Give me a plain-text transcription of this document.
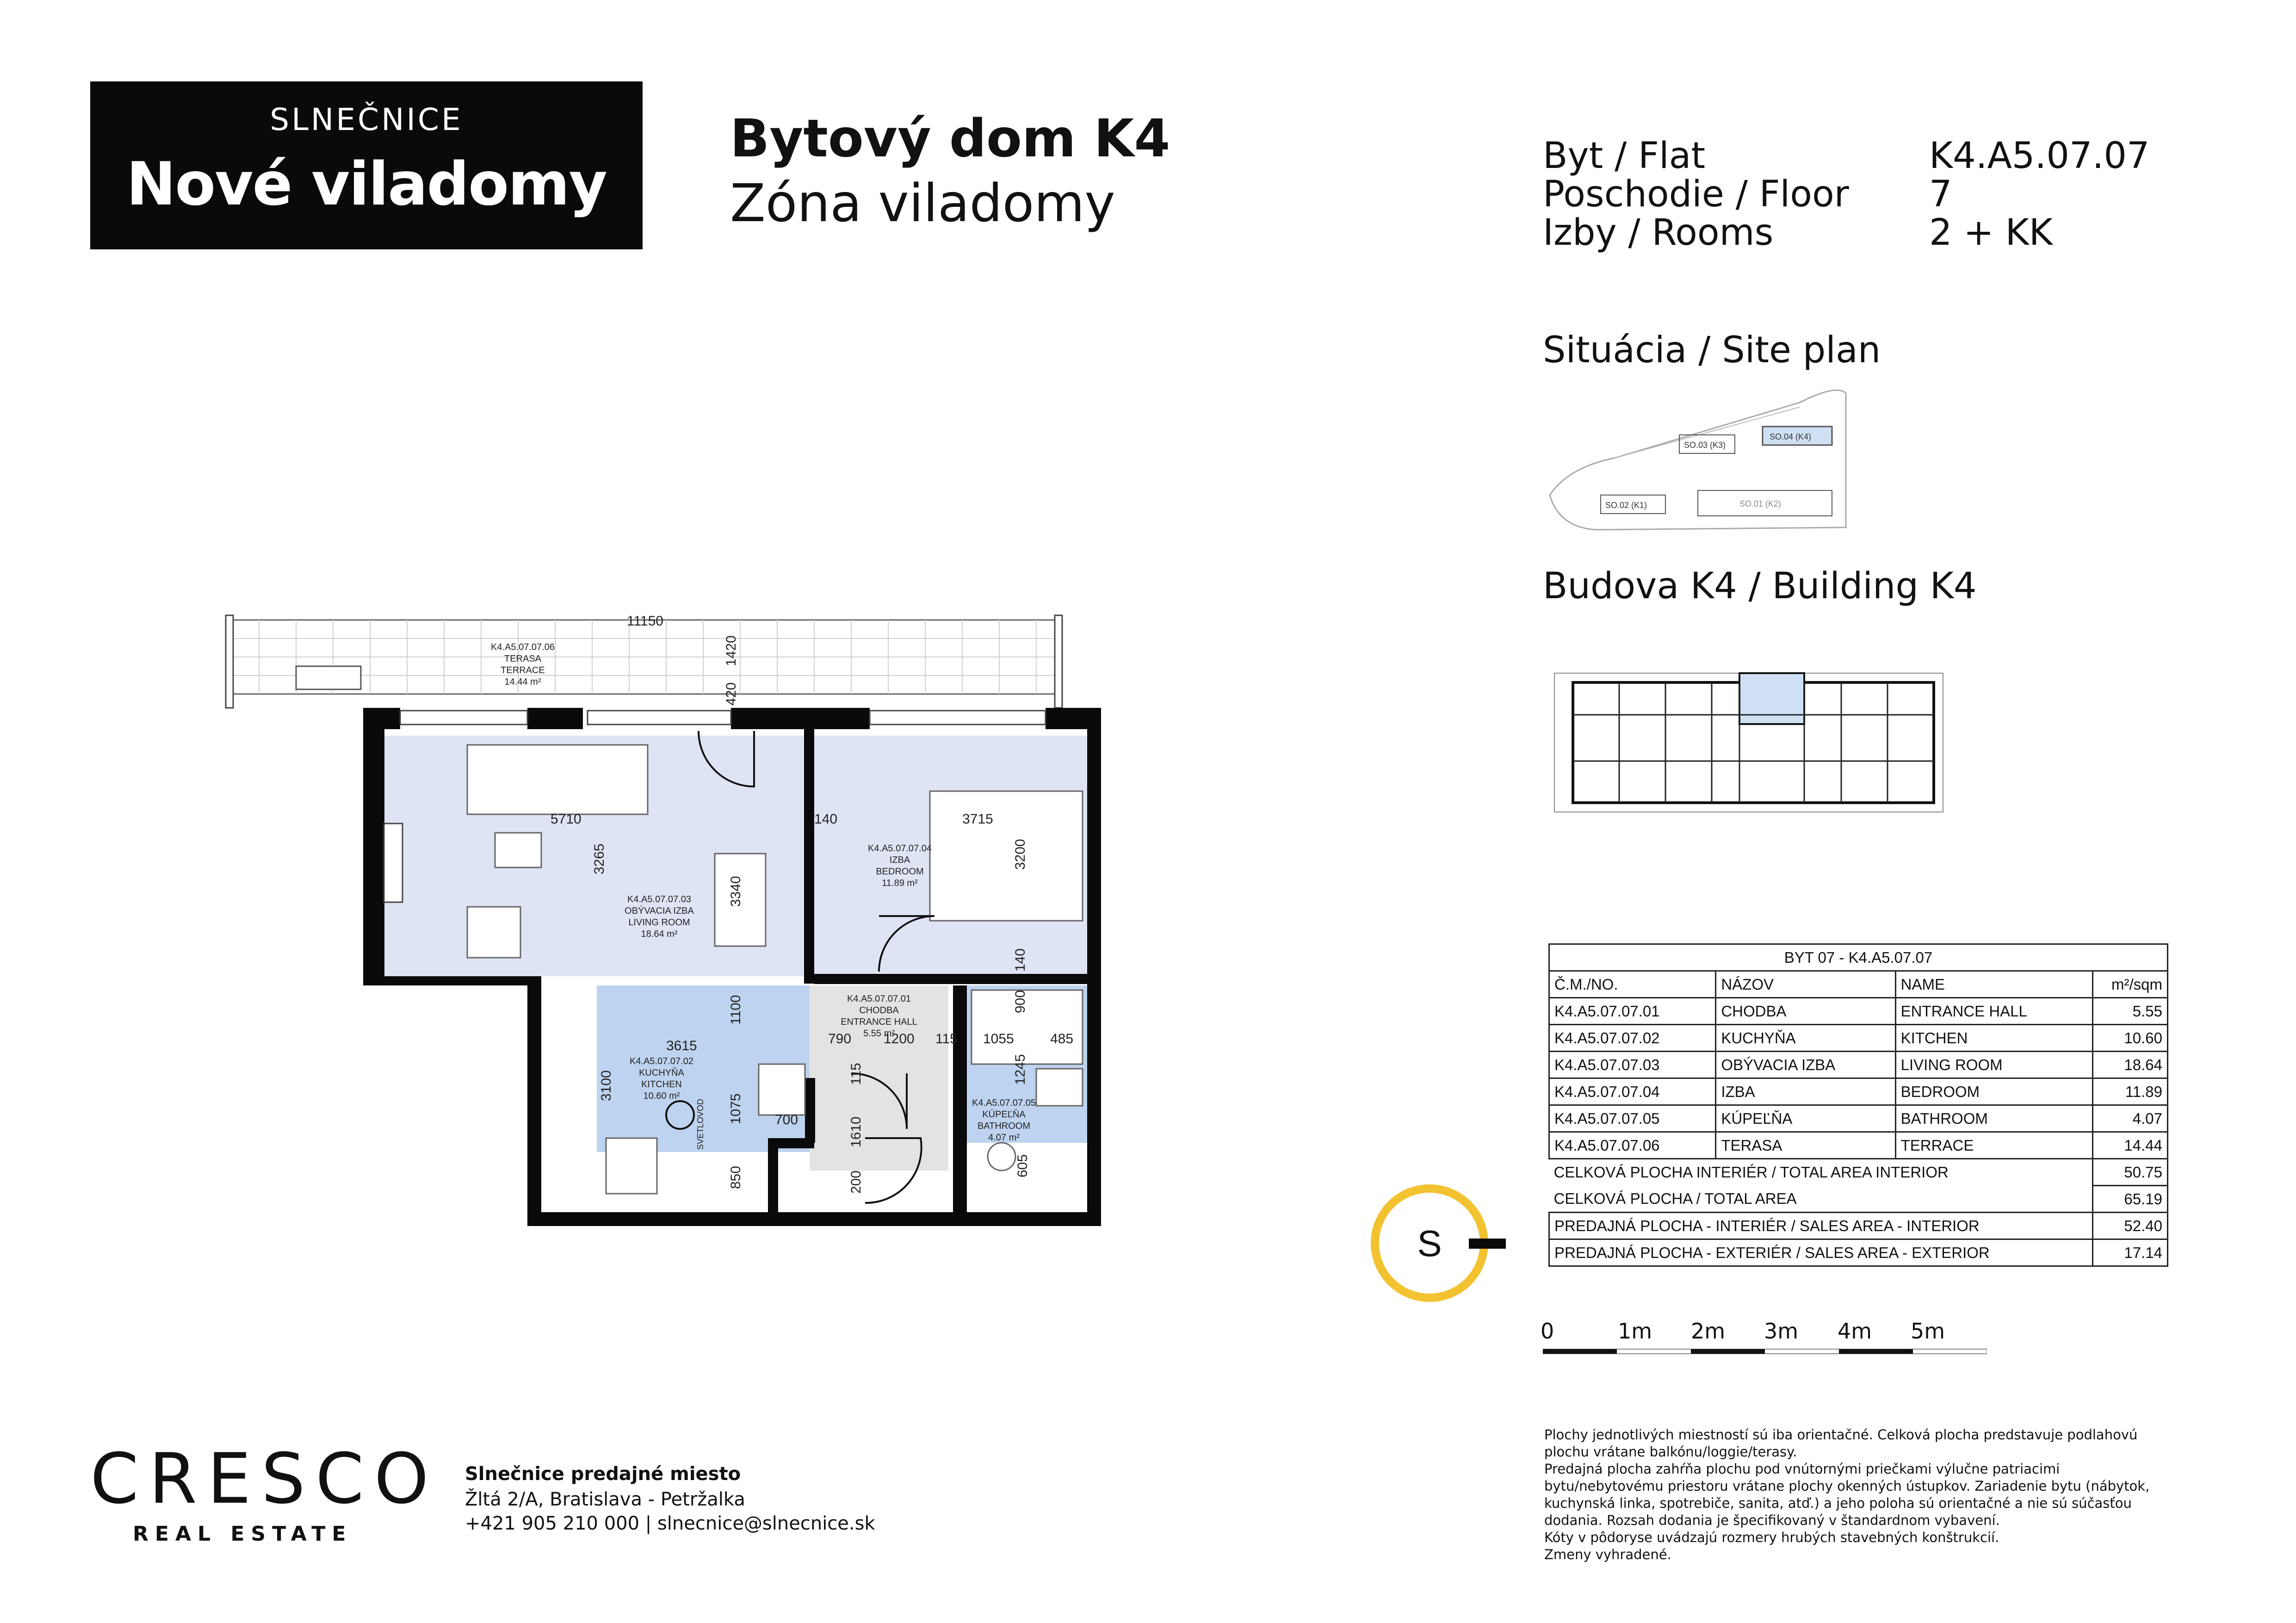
SLNEČNICE
Nové viladomy
Bytový dom K4
Zóna viladomy
Byt / Flat	K4.A5.07.07
Poschodie / Floor 7
Izby / Rooms	2 + KK
Situácia / Site plan
SO.03 (K3)
SO.04 (K4)
SO.02 (K1)	SO.01 (K2)
Budova K4 / Building K4
11150
1420
420
5710
3265
3340
140	3715
3200
140
3615
1100
790 1200 115 1055	485
900
1245
3100
1075 700
115
1610
200
850	605
K4.A5.07.07.06
TERASA
TERRACE
14.44 m²
K4.A5.07.07.03
OBÝVACIA IZBA
LIVING ROOM
18.64 m²
K4.A5.07.07.04
IZBA
BEDROOM
11.89 m²
K4.A5.07.07.01
CHODBA
ENTRANCE HALL
5.55 m²
K4.A5.07.07.02
KUCHYŇA
KITCHEN
10.60 m²
K4.A5.07.07.05
KÚPEĽŇA
BATHROOM
4.07 m²
SVETLOVOD
BYT 07 - K4.A5.07.07			
Č.M./NO.	NÁZOV	NAME	m²/sqm
K4.A5.07.07.01	CHODBA	ENTRANCE HALL	5.55
K4.A5.07.07.02	KUCHYŇA	KITCHEN	10.60
K4.A5.07.07.03	OBÝVACIA IZBA	LIVING ROOM	18.64
K4.A5.07.07.04	IZBA	BEDROOM	11.89
K4.A5.07.07.05	KÚPEĽŇA	BATHROOM	4.07
K4.A5.07.07.06	TERASA	TERRACE	14.44
CELKOVÁ PLOCHA INTERIÉR / TOTAL AREA INTERIOR			50.75
CELKOVÁ PLOCHA / TOTAL AREA			65.19
PREDAJNÁ PLOCHA - INTERIÉR / SALES AREA - INTERIOR			52.40
PREDAJNÁ PLOCHA - EXTERIÉR / SALES AREA - EXTERIOR			17.14
S
0	1m 2m 3m 4m 5m
Plochy jednotlivých miestností sú iba orientačné. Celková plocha predstavuje podlahovú
plochu vrátane balkónu/loggie/terasy.
Predajná plocha zahŕňa plochu pod vnútornými priečkami výlučne patriacimi
bytu/nebytovému priestoru vrátane plochy okenných ústupkov. Zariadenie bytu (nábytok,
kuchynská linka, spotrebiče, sanita, atď.) a jeho poloha sú orientačné a nie sú súčasťou
dodania. Rozsah dodania je špecifikovaný v štandardnom vybavení.
Kóty v pôdoryse uvádzajú rozmery hrubých stavebných konštrukcií.
Zmeny vyhradené.
CRESCO
REAL ESTATE
Slnečnice predajné miesto
Žltá 2/A, Bratislava - Petržalka
+421 905 210 000 | slnecnice@slnecnice.sk
